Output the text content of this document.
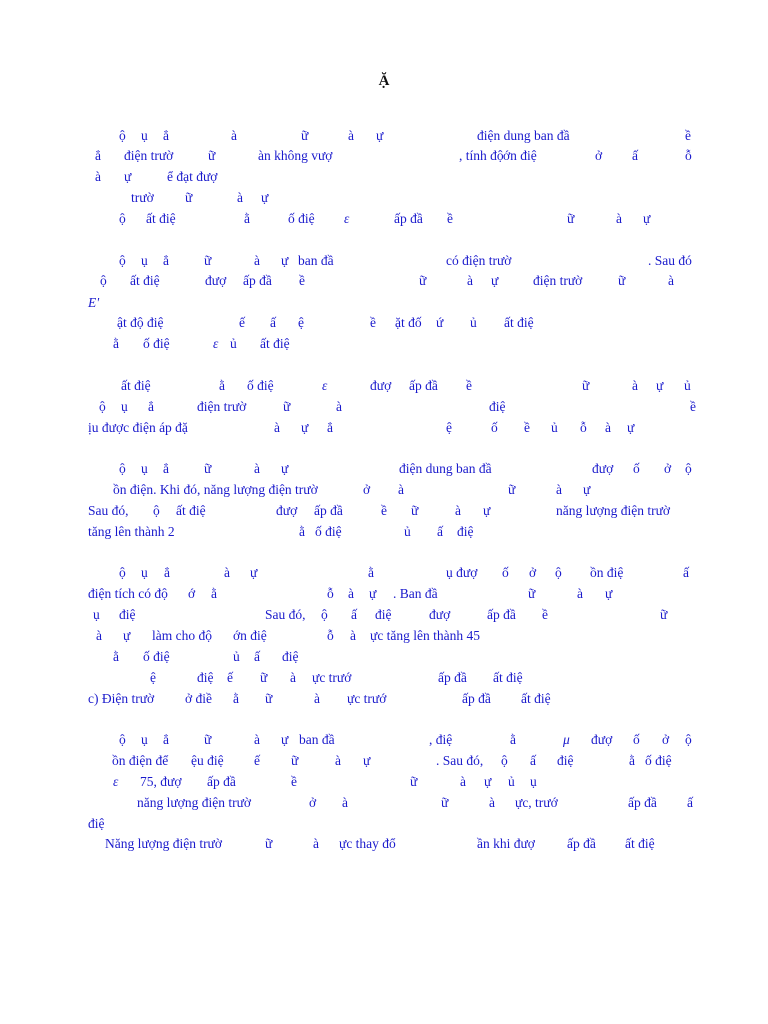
Ặ
ộ ụ ẳ	à	ữ	à ự	điện dung ban đầ	ề
ẳ điện trườ	ữ	àn không vượ	, tính độ ớn điệ	ở ấ	ỗ
à ự	ể đạt đượ
trườ ữ	à ự
ộ ất điệ	ằ	ố điệ ε	ấp đầ ề	ữ	à ự
ộ ụ ẳ	ữ	à ự ban đầ	có điện trườ	. Sau đó
ộ ất điệ	đượ ấp đầ ề	ữ	à ự	điện trườ	ữ	à
E'
ật độ điệ	ế ấ ệ	ề ặt đố ứ ủ ất điệ
ằ ố điệ	ε ủ ất điệ
ất điệ	ằ ố điệ	ε	đượ ấp đầ ề	ữ	à ự ủ
ộ ụ ẳ	điện trườ	ữ	à	điệ	ề
ịu được điện áp đặ	à ự ẳ	ệ	ố ề ủ ỗ à ự
ộ ụ ẳ	ữ	à ự	điện dung ban đầ	đượ ố ở ộ
ồn điện. Khi đó, năng lượng điện trườ	ở à	ữ	à ự
Sau đó, ộ ất điệ	đượ ấp đầ	ề ữ	à ự	năng lượng điện trườ
tăng lên thành 2	ằ ố điệ	ủ ấ điệ
ộ ụ ẳ	à ự	ằ	ụ đượ ố ở ộ ồn điệ	ấ
điện tích có độ ớ ằ	ỗ à ự . Ban đầ	ữ	à ự
ụ điệ	Sau đó, ộ ấ điệ	đượ	ấp đầ ề	ữ
à ự làm cho độ ớn điệ	ỗ à ực tăng lên thành 45
ằ ố điệ	ủ ấ điệ
ệ	điệ ế ữ à ực trướ	ấp đầ ất điệ
c) Điện trườ ở điề ằ ữ	à ực trướ	ấp đầ ất điệ
ộ ụ ẳ	ữ	à ự ban đầ	, điệ	ằ	μ đượ ố ở ộ
ồn điện để ệu điệ ế ữ	à ự	. Sau đó, ộ ấ điệ	ằ ố điệ
ε 75, đượ ấp đầ	ề	ữ	à ự ủ ụ
năng lượng điện trườ	ở à	ữ	à ực, trướ	ấp đầ ấ
điệ
Năng lượng điện trườ	ữ	à ực thay đổ	ần khi đượ ấp đầ ất điệ
